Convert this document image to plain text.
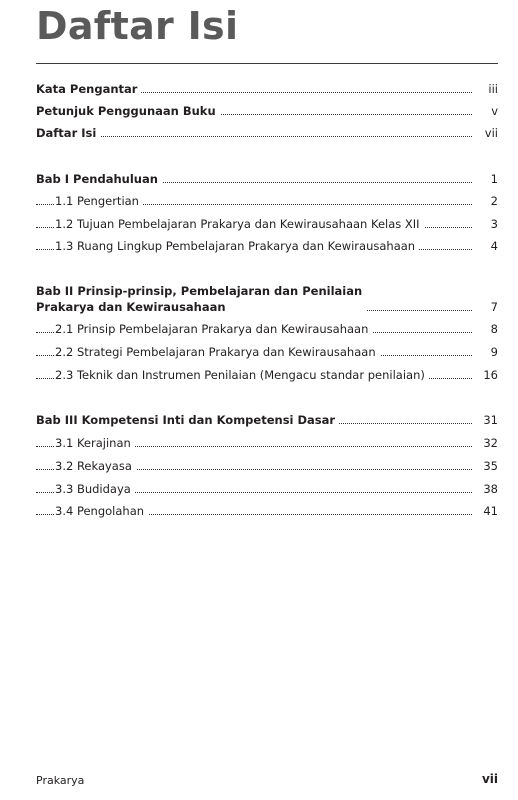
Daftar Isi
Kata Pengantar	iii
Petunjuk Penggunaan Buku	v
Daftar Isi	vii
Bab I Pendahuluan	1
1.1 Pengertian	2
1.2 Tujuan Pembelajaran Prakarya dan Kewirausahaan Kelas XII	3
1.3 Ruang Lingkup Pembelajaran Prakarya dan Kewirausahaan	4
Bab II Prinsip-prinsip, Pembelajaran dan Penilaian
Prakarya dan Kewirausahaan	7
2.1 Prinsip Pembelajaran Prakarya dan Kewirausahaan	8
2.2 Strategi Pembelajaran Prakarya dan Kewirausahaan	9
2.3 Teknik dan Instrumen Penilaian (Mengacu standar penilaian)	16
Bab III Kompetensi Inti dan Kompetensi Dasar	31
3.1 Kerajinan	32
3.2 Rekayasa	35
3.3 Budidaya	38
3.4 Pengolahan	41
Prakarya	vii
